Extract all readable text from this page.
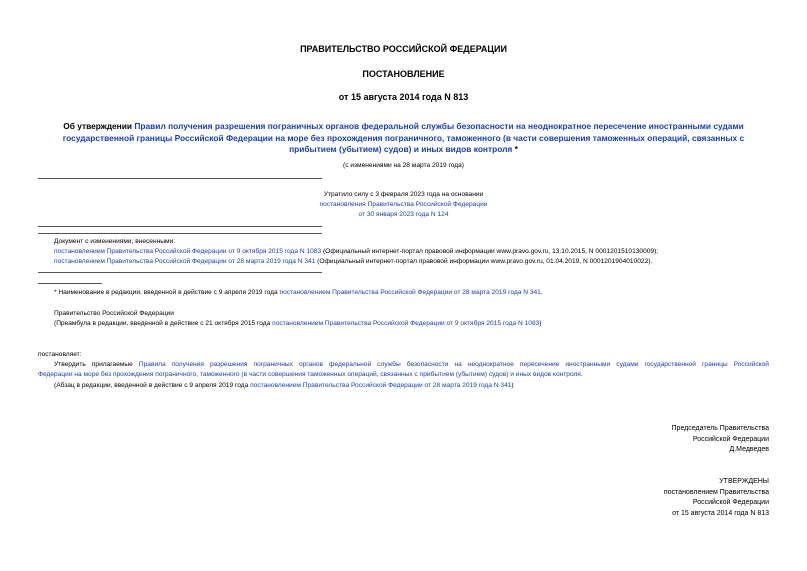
ПРАВИТЕЛЬСТВО РОССИЙСКОЙ ФЕДЕРАЦИИ
ПОСТАНОВЛЕНИЕ
от 15 августа 2014 года N 813
Об утверждении Правил получения разрешения пограничных органов федеральной службы безопасности на неоднократное пересечение иностранными судами
государственной границы Российской Федерации на море без прохождения пограничного, таможенного (в части совершения таможенных операций, связанных с
прибытием (убытием) судов) и иных видов контроля *
(с изменениями на 28 марта 2019 года)
Утратило силу с 3 февраля 2023 года на основании
постановления Правительства Российской Федерации
от 30 января 2023 года N 124
Документ с изменениями, внесенными:
постановлением Правительства Российской Федерации от 9 октября 2015 года N 1083 (Официальный интернет-портал правовой информации www.pravo.gov.ru, 13.10.2015, N 0001201510130009);
постановлением Правительства Российской Федерации от 28 марта 2019 года N 341 (Официальный интернет-портал правовой информации www.pravo.gov.ru, 01.04.2019, N 0001201904010022).
* Наименование в редакции, введенной в действие с 9 апреля 2019 года постановлением Правительства Российской Федерации от 28 марта 2019 года N 341.
Правительство Российской Федерации
(Преамбула в редакции, введенной в действие с 21 октября 2015 года постановлением Правительства Российской Федерации от 9 октября 2015 года N 1083)
постановляет:
Утвердить прилагаемые Правила получения разрешения пограничных органов федеральной службы безопасности на неоднократное пересечение иностранными судами государственной границы Российской
Федерации на море без прохождения пограничного, таможенного (в части совершения таможенных операций, связанных с прибытием (убытием) судов) и иных видов контроля.
(Абзац в редакции, введенной в действие с 9 апреля 2019 года постановлением Правительства Российской Федерации от 28 марта 2019 года N 341)
Председатель Правительства
Российской Федерации
Д.Медведев
УТВЕРЖДЕНЫ
постановлением Правительства
Российской Федерации
от 15 августа 2014 года N 813
